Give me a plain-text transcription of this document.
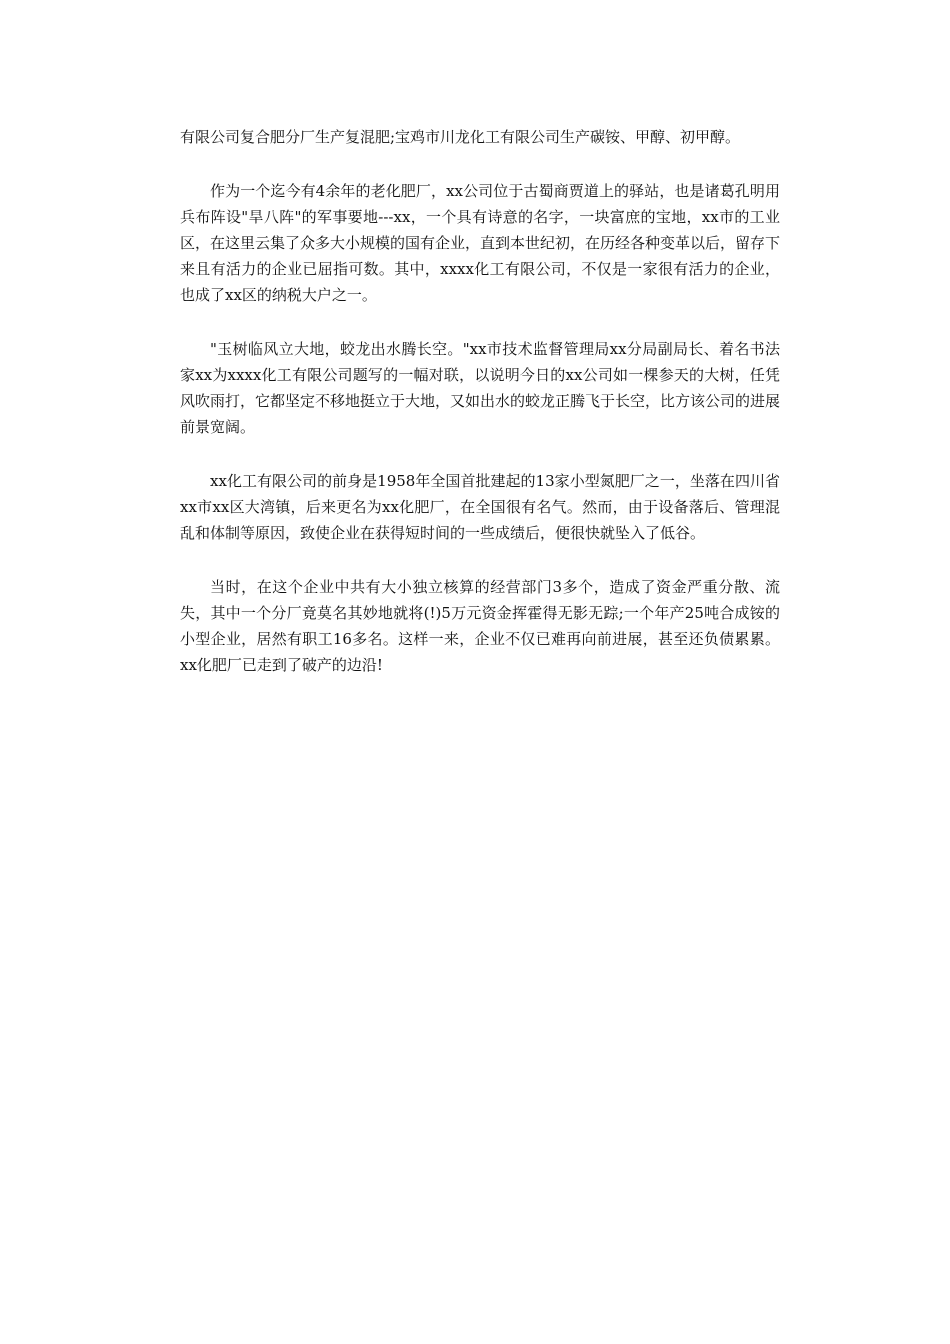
有限公司复合肥分厂生产复混肥;宝鸡市川龙化工有限公司生产碳铵、甲醇、初甲醇。

作为一个迄今有4余年的老化肥厂，xx公司位于古蜀商贾道上的驿站，也是诸葛孔明用兵布阵设"旱八阵"的军事要地---xx，一个具有诗意的名字，一块富庶的宝地，xx市的工业区，在这里云集了众多大小规模的国有企业，直到本世纪初，在历经各种变革以后，留存下来且有活力的企业已屈指可数。其中，xxxx化工有限公司，不仅是一家很有活力的企业，也成了xx区的纳税大户之一。

"玉树临风立大地，蛟龙出水腾长空。"xx市技术监督管理局xx分局副局长、着名书法家xx为xxxx化工有限公司题写的一幅对联，以说明今日的xx公司如一棵参天的大树，任凭风吹雨打，它都坚定不移地挺立于大地，又如出水的蛟龙正腾飞于长空，比方该公司的进展前景宽阔。

xx化工有限公司的前身是1958年全国首批建起的13家小型氮肥厂之一，坐落在四川省xx市xx区大湾镇，后来更名为xx化肥厂，在全国很有名气。然而，由于设备落后、管理混乱和体制等原因，致使企业在获得短时间的一些成绩后，便很快就坠入了低谷。

当时，在这个企业中共有大小独立核算的经营部门3多个，造成了资金严重分散、流失，其中一个分厂竟莫名其妙地就将(!)5万元资金挥霍得无影无踪;一个年产25吨合成铵的小型企业，居然有职工16多名。这样一来，企业不仅已难再向前进展，甚至还负债累累。xx化肥厂已走到了破产的边沿!
